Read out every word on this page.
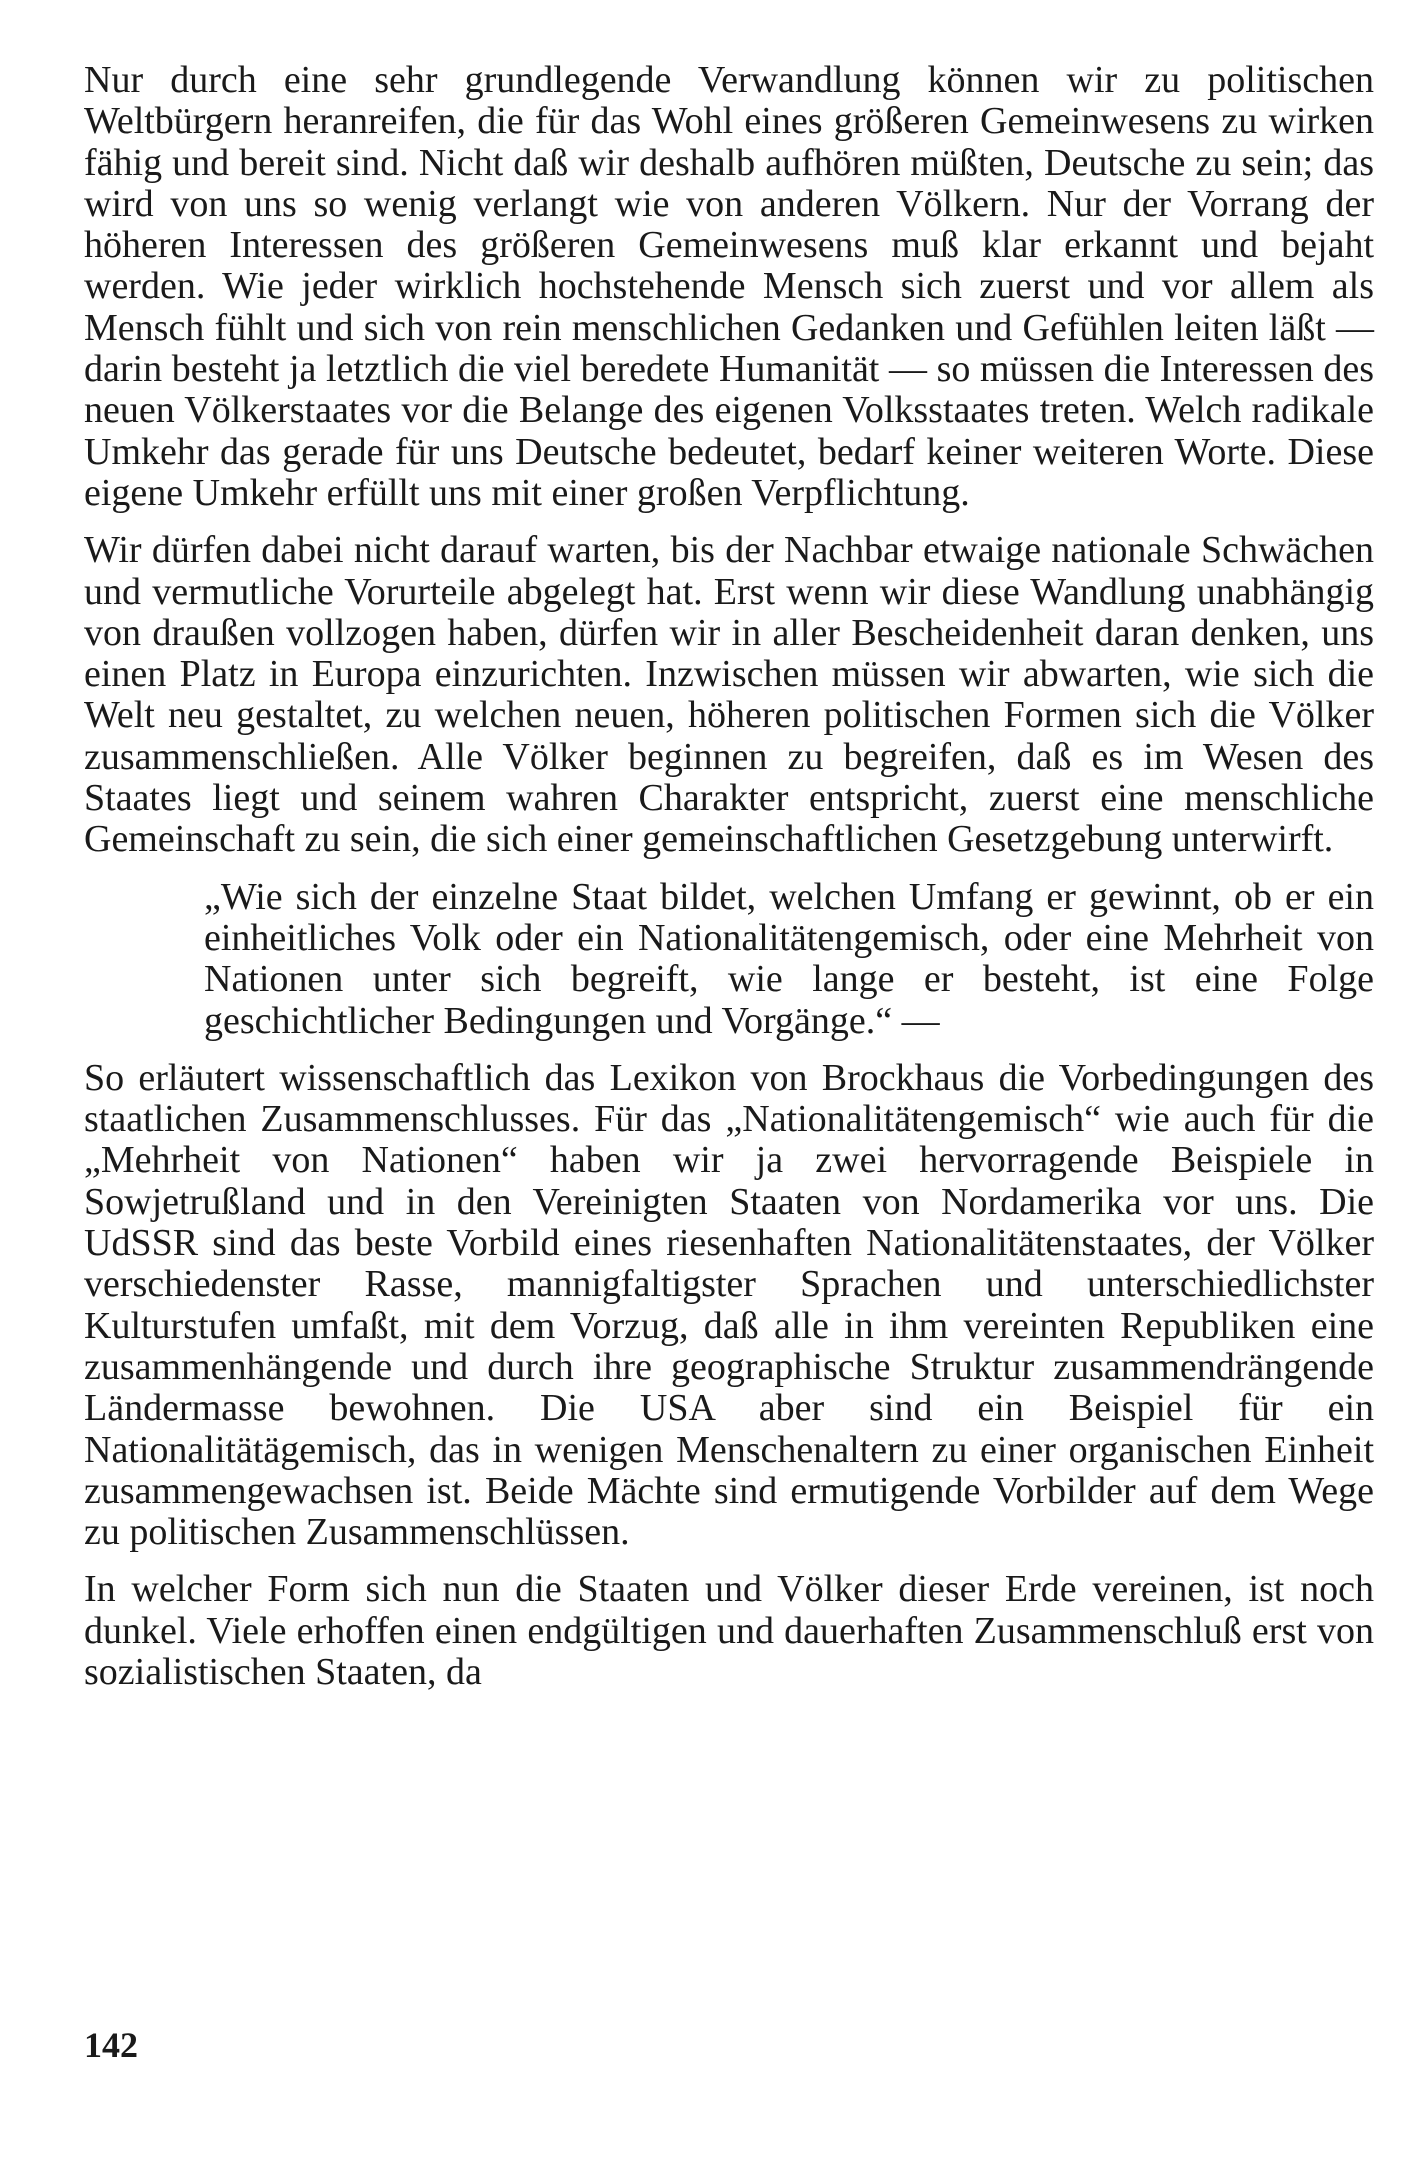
Nur durch eine sehr grundlegende Verwandlung können wir zu politischen Weltbürgern heranreifen, die für das Wohl eines größeren Gemeinwesens zu wirken fähig und bereit sind. Nicht daß wir deshalb aufhören müßten, Deutsche zu sein; das wird von uns so wenig verlangt wie von anderen Völkern. Nur der Vorrang der höheren Interessen des größeren Gemeinwesens muß klar erkannt und bejaht werden. Wie jeder wirklich hochstehende Mensch sich zuerst und vor allem als Mensch fühlt und sich von rein menschlichen Gedanken und Gefühlen leiten läßt — darin besteht ja letztlich die viel beredete Humanität — so müssen die Interessen des neuen Völkerstaates vor die Belange des eigenen Volksstaates treten. Welch radikale Umkehr das gerade für uns Deutsche bedeutet, bedarf keiner weiteren Worte. Diese eigene Umkehr erfüllt uns mit einer großen Verpflichtung.

Wir dürfen dabei nicht darauf warten, bis der Nachbar etwaige nationale Schwächen und vermutliche Vorurteile abgelegt hat. Erst wenn wir diese Wandlung unabhängig von draußen vollzogen haben, dürfen wir in aller Bescheidenheit daran denken, uns einen Platz in Europa einzurichten. Inzwischen müssen wir abwarten, wie sich die Welt neu gestaltet, zu welchen neuen, höheren politischen Formen sich die Völker zusammenschließen. Alle Völker beginnen zu begreifen, daß es im Wesen des Staates liegt und seinem wahren Charakter entspricht, zuerst eine menschliche Gemeinschaft zu sein, die sich einer gemeinschaftlichen Gesetzgebung unterwirft.

„Wie sich der einzelne Staat bildet, welchen Umfang er gewinnt, ob er ein einheitliches Volk oder ein Nationalitätengemisch, oder eine Mehrheit von Nationen unter sich begreift, wie lange er besteht, ist eine Folge geschichtlicher Bedingungen und Vorgänge.“ —

So erläutert wissenschaftlich das Lexikon von Brockhaus die Vorbedingungen des staatlichen Zusammenschlusses. Für das „Nationalitätengemisch“ wie auch für die „Mehrheit von Nationen“ haben wir ja zwei hervorragende Beispiele in Sowjetrußland und in den Vereinigten Staaten von Nordamerika vor uns. Die UdSSR sind das beste Vorbild eines riesenhaften Nationalitätenstaates, der Völker verschiedenster Rasse, mannigfaltigster Sprachen und unterschiedlichster Kulturstufen umfaßt, mit dem Vorzug, daß alle in ihm vereinten Republiken eine zusammenhängende und durch ihre geographische Struktur zusammendrängende Ländermasse bewohnen. Die USA aber sind ein Beispiel für ein Nationalitätägemisch, das in wenigen Menschenaltern zu einer organischen Einheit zusammengewachsen ist. Beide Mächte sind ermutigende Vorbilder auf dem Wege zu politischen Zusammenschlüssen.

In welcher Form sich nun die Staaten und Völker dieser Erde vereinen, ist noch dunkel. Viele erhoffen einen endgültigen und dauerhaften Zusammenschluß erst von sozialistischen Staaten, da

142
